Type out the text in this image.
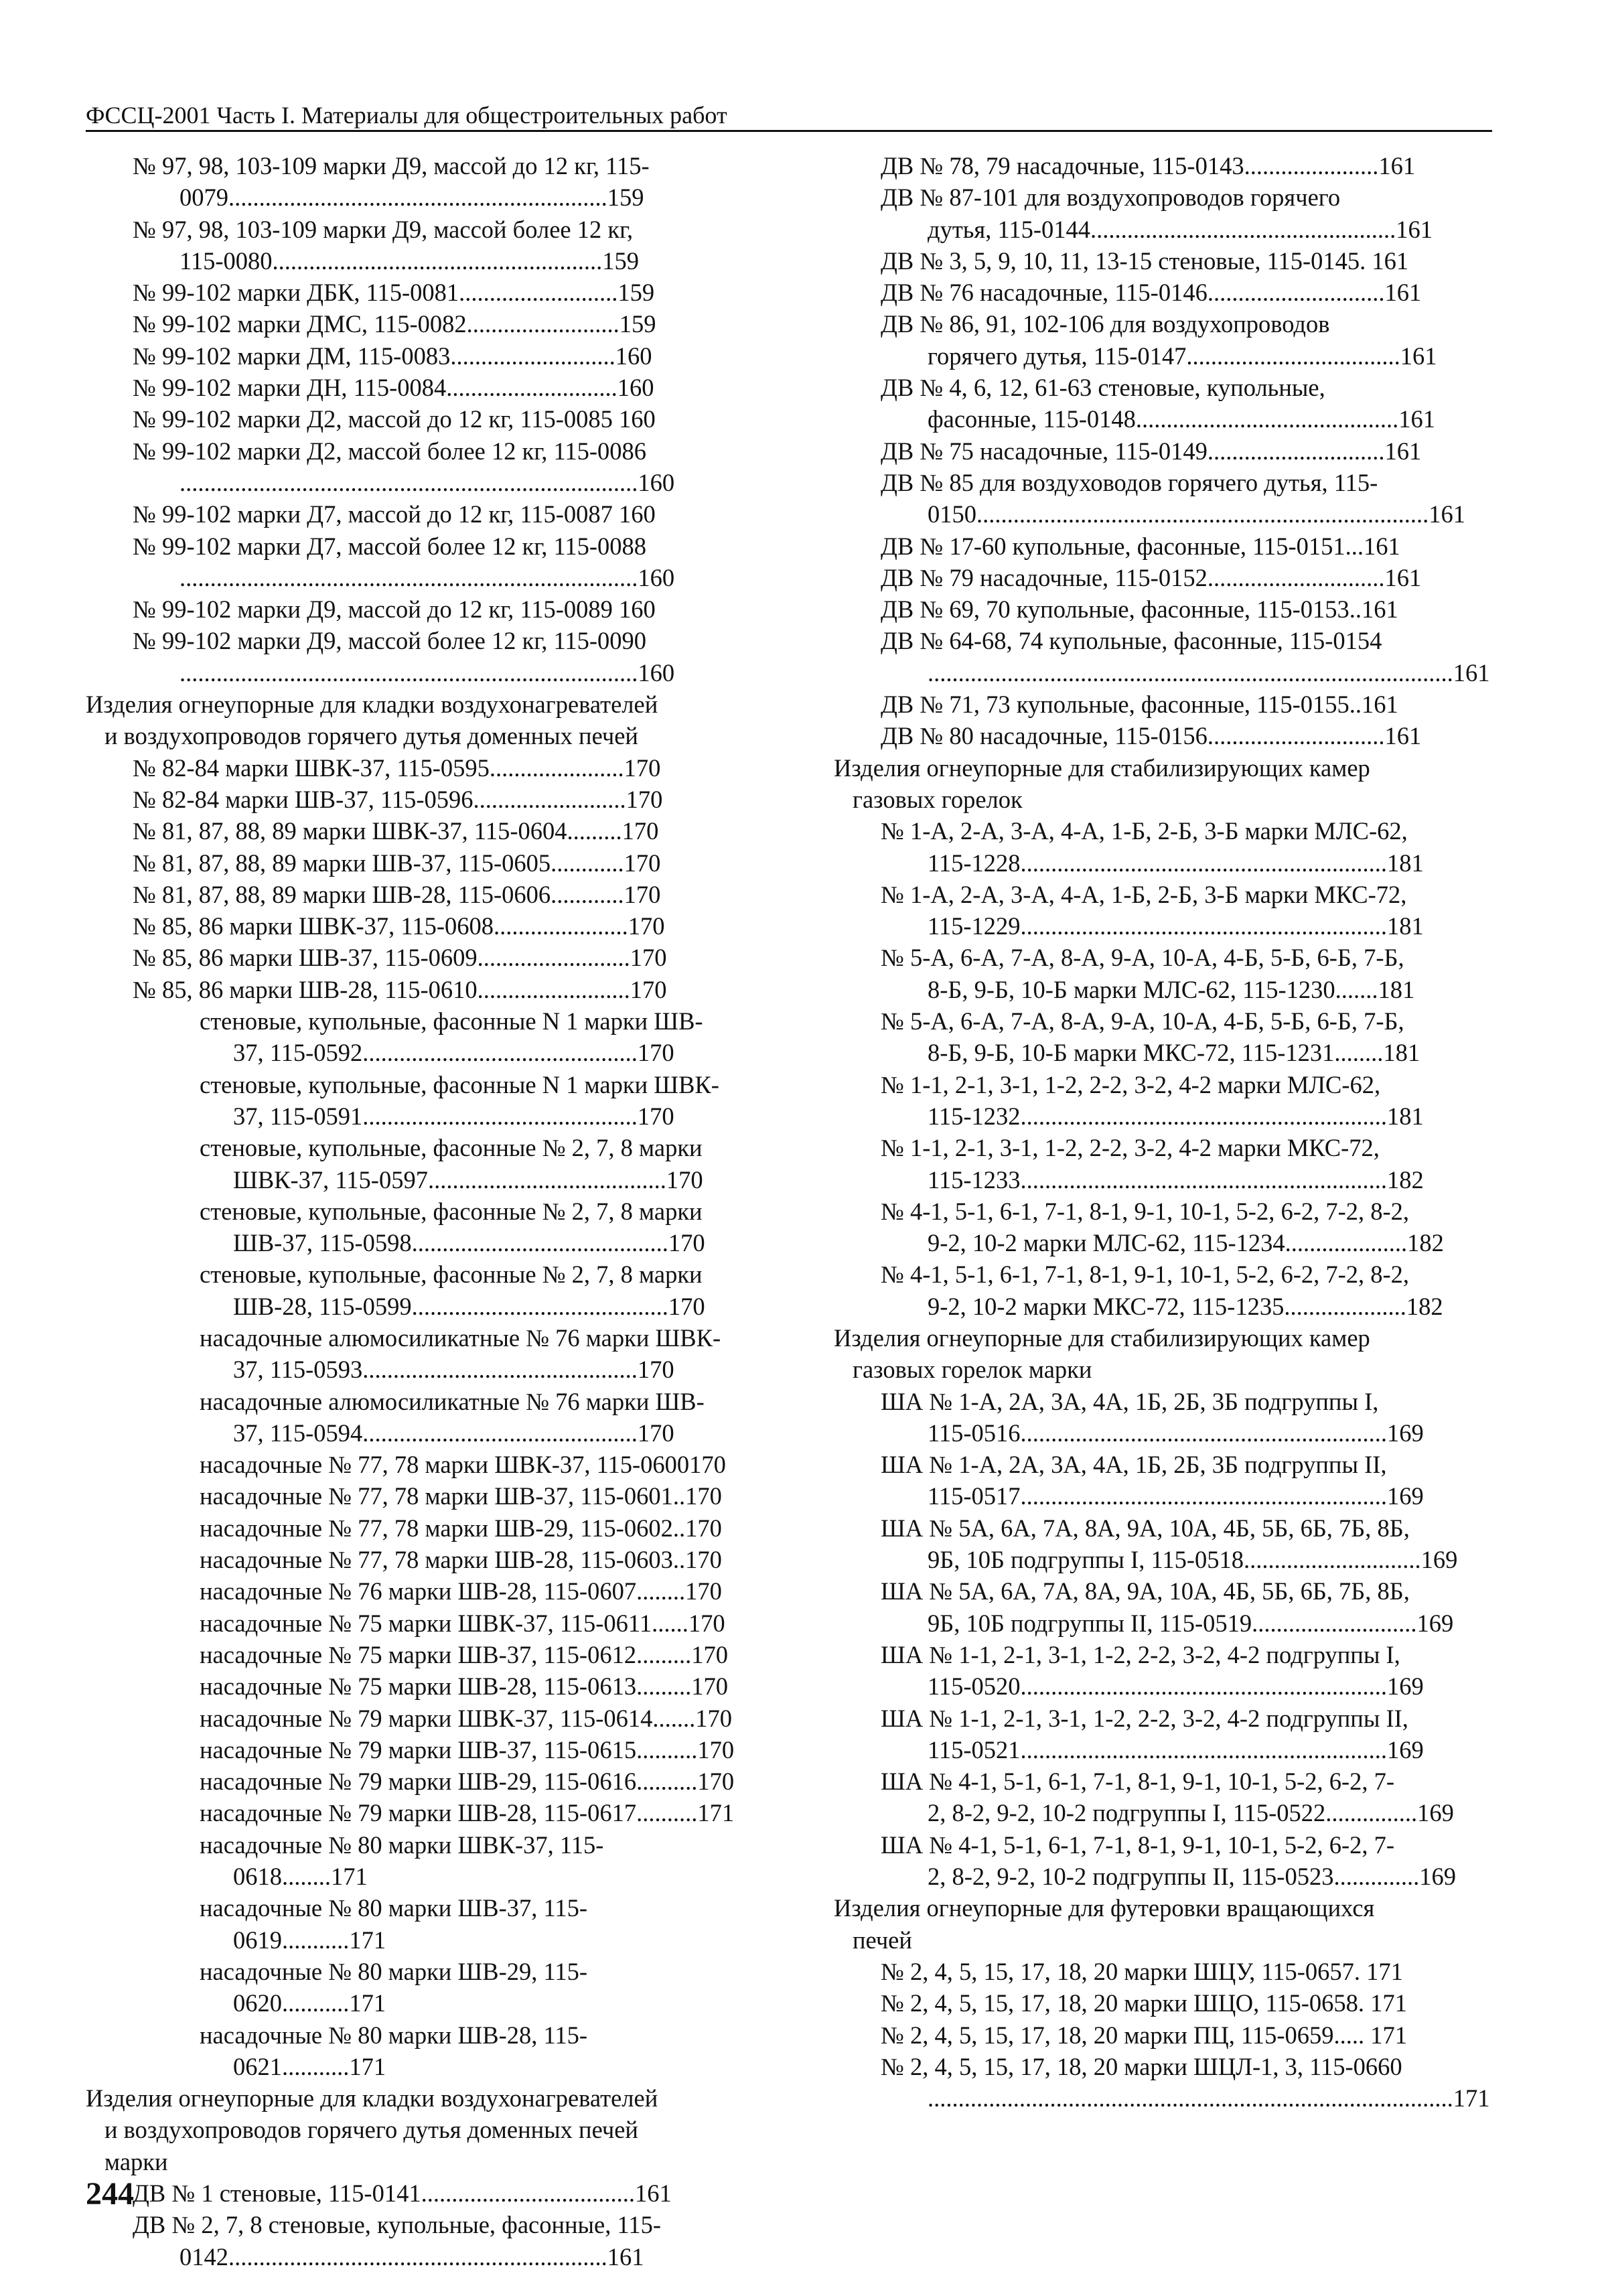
ФССЦ-2001 Часть I. Материалы для общестроительных работ
№ 97, 98, 103-109 марки Д9, массой до 12 кг, 115-
0079..............................................................159
№ 97, 98, 103-109 марки Д9, массой более 12 кг,
115-0080......................................................159
№ 99-102 марки ДБК, 115-0081..........................159
№ 99-102 марки ДМС, 115-0082.........................159
№ 99-102 марки ДМ, 115-0083...........................160
№ 99-102 марки ДН, 115-0084............................160
№ 99-102 марки Д2, массой до 12 кг, 115-0085 160
№ 99-102 марки Д2, массой более 12 кг, 115-0086
...........................................................................160
№ 99-102 марки Д7, массой до 12 кг, 115-0087 160
№ 99-102 марки Д7, массой более 12 кг, 115-0088
...........................................................................160
№ 99-102 марки Д9, массой до 12 кг, 115-0089 160
№ 99-102 марки Д9, массой более 12 кг, 115-0090
...........................................................................160
Изделия огнеупорные для кладки воздухонагревателей
и воздухопроводов горячего дутья доменных печей
№ 82-84 марки ШВК-37, 115-0595......................170
№ 82-84 марки ШВ-37, 115-0596.........................170
№ 81, 87, 88, 89 марки ШВК-37, 115-0604.........170
№ 81, 87, 88, 89 марки ШВ-37, 115-0605............170
№ 81, 87, 88, 89 марки ШВ-28, 115-0606............170
№ 85, 86 марки ШВК-37, 115-0608......................170
№ 85, 86 марки ШВ-37, 115-0609.........................170
№ 85, 86 марки ШВ-28, 115-0610.........................170
стеновые, купольные, фасонные N 1 марки ШВ-
37, 115-0592.............................................170
стеновые, купольные, фасонные N 1 марки ШВК-
37, 115-0591.............................................170
стеновые, купольные, фасонные № 2, 7, 8 марки
ШВК-37, 115-0597.......................................170
стеновые, купольные, фасонные № 2, 7, 8 марки
ШВ-37, 115-0598..........................................170
стеновые, купольные, фасонные № 2, 7, 8 марки
ШВ-28, 115-0599..........................................170
насадочные алюмосиликатные № 76 марки ШВК-
37, 115-0593.............................................170
насадочные алюмосиликатные № 76 марки ШВ-
37, 115-0594.............................................170
насадочные № 77, 78 марки ШВК-37, 115-0600170
насадочные № 77, 78 марки ШВ-37, 115-0601..170
насадочные № 77, 78 марки ШВ-29, 115-0602..170
насадочные № 77, 78 марки ШВ-28, 115-0603..170
насадочные № 76 марки ШВ-28, 115-0607........170
насадочные № 75 марки ШВК-37, 115-0611......170
насадочные № 75 марки ШВ-37, 115-0612.........170
насадочные № 75 марки ШВ-28, 115-0613.........170
насадочные № 79 марки ШВК-37, 115-0614.......170
насадочные № 79 марки ШВ-37, 115-0615..........170
насадочные № 79 марки ШВ-29, 115-0616..........170
насадочные № 79 марки ШВ-28, 115-0617..........171
насадочные № 80 марки ШВК-37, 115-0618........171
насадочные № 80 марки ШВ-37, 115-0619...........171
насадочные № 80 марки ШВ-29, 115-0620...........171
насадочные № 80 марки ШВ-28, 115-0621...........171
Изделия огнеупорные для кладки воздухонагревателей
и воздухопроводов горячего дутья доменных печей
марки
ДВ № 1 стеновые, 115-0141...................................161
ДВ № 2, 7, 8 стеновые, купольные, фасонные, 115-
0142..............................................................161
ДВ № 78, 79 насадочные, 115-0143......................161
ДВ № 87-101 для воздухопроводов горячего
дутья, 115-0144..................................................161
ДВ № 3, 5, 9, 10, 11, 13-15 стеновые, 115-0145. 161
ДВ № 76 насадочные, 115-0146.............................161
ДВ № 86, 91, 102-106 для воздухопроводов
горячего дутья, 115-0147...................................161
ДВ № 4, 6, 12, 61-63 стеновые, купольные,
фасонные, 115-0148...........................................161
ДВ № 75 насадочные, 115-0149.............................161
ДВ № 85 для воздуховодов горячего дутья, 115-
0150..........................................................................161
ДВ № 17-60 купольные, фасонные, 115-0151...161
ДВ № 79 насадочные, 115-0152.............................161
ДВ № 69, 70 купольные, фасонные, 115-0153..161
ДВ № 64-68, 74 купольные, фасонные, 115-0154
......................................................................................161
ДВ № 71, 73 купольные, фасонные, 115-0155..161
ДВ № 80 насадочные, 115-0156.............................161
Изделия огнеупорные для стабилизирующих камер
газовых горелок
№ 1-А, 2-А, 3-А, 4-А, 1-Б, 2-Б, 3-Б марки МЛС-62,
115-1228............................................................181
№ 1-А, 2-А, 3-А, 4-А, 1-Б, 2-Б, 3-Б марки МКС-72,
115-1229............................................................181
№ 5-А, 6-А, 7-А, 8-А, 9-А, 10-А, 4-Б, 5-Б, 6-Б, 7-Б,
8-Б, 9-Б, 10-Б марки МЛС-62, 115-1230.......181
№ 5-А, 6-А, 7-А, 8-А, 9-А, 10-А, 4-Б, 5-Б, 6-Б, 7-Б,
8-Б, 9-Б, 10-Б марки МКС-72, 115-1231........181
№ 1-1, 2-1, 3-1, 1-2, 2-2, 3-2, 4-2 марки МЛС-62,
115-1232............................................................181
№ 1-1, 2-1, 3-1, 1-2, 2-2, 3-2, 4-2 марки МКС-72,
115-1233............................................................182
№ 4-1, 5-1, 6-1, 7-1, 8-1, 9-1, 10-1, 5-2, 6-2, 7-2, 8-2,
9-2, 10-2 марки МЛС-62, 115-1234....................182
№ 4-1, 5-1, 6-1, 7-1, 8-1, 9-1, 10-1, 5-2, 6-2, 7-2, 8-2,
9-2, 10-2 марки МКС-72, 115-1235....................182
Изделия огнеупорные для стабилизирующих камер
газовых горелок марки
ША № 1-А, 2А, 3А, 4А, 1Б, 2Б, 3Б подгруппы I,
115-0516............................................................169
ША № 1-А, 2А, 3А, 4А, 1Б, 2Б, 3Б подгруппы II,
115-0517............................................................169
ША № 5А, 6А, 7А, 8А, 9А, 10А, 4Б, 5Б, 6Б, 7Б, 8Б,
9Б, 10Б подгруппы I, 115-0518.............................169
ША № 5А, 6А, 7А, 8А, 9А, 10А, 4Б, 5Б, 6Б, 7Б, 8Б,
9Б, 10Б подгруппы II, 115-0519...........................169
ША № 1-1, 2-1, 3-1, 1-2, 2-2, 3-2, 4-2 подгруппы I,
115-0520............................................................169
ША № 1-1, 2-1, 3-1, 1-2, 2-2, 3-2, 4-2 подгруппы II,
115-0521............................................................169
ША № 4-1, 5-1, 6-1, 7-1, 8-1, 9-1, 10-1, 5-2, 6-2, 7-
2, 8-2, 9-2, 10-2 подгруппы I, 115-0522...............169
ША № 4-1, 5-1, 6-1, 7-1, 8-1, 9-1, 10-1, 5-2, 6-2, 7-
2, 8-2, 9-2, 10-2 подгруппы II, 115-0523..............169
Изделия огнеупорные для футеровки вращающихся
печей
№ 2, 4, 5, 15, 17, 18, 20 марки ШЦУ, 115-0657. 171
№ 2, 4, 5, 15, 17, 18, 20 марки ШЦО, 115-0658. 171
№ 2, 4, 5, 15, 17, 18, 20 марки ПЦ, 115-0659..... 171
№ 2, 4, 5, 15, 17, 18, 20 марки ШЦЛ-1, 3, 115-0660
......................................................................................171
244
